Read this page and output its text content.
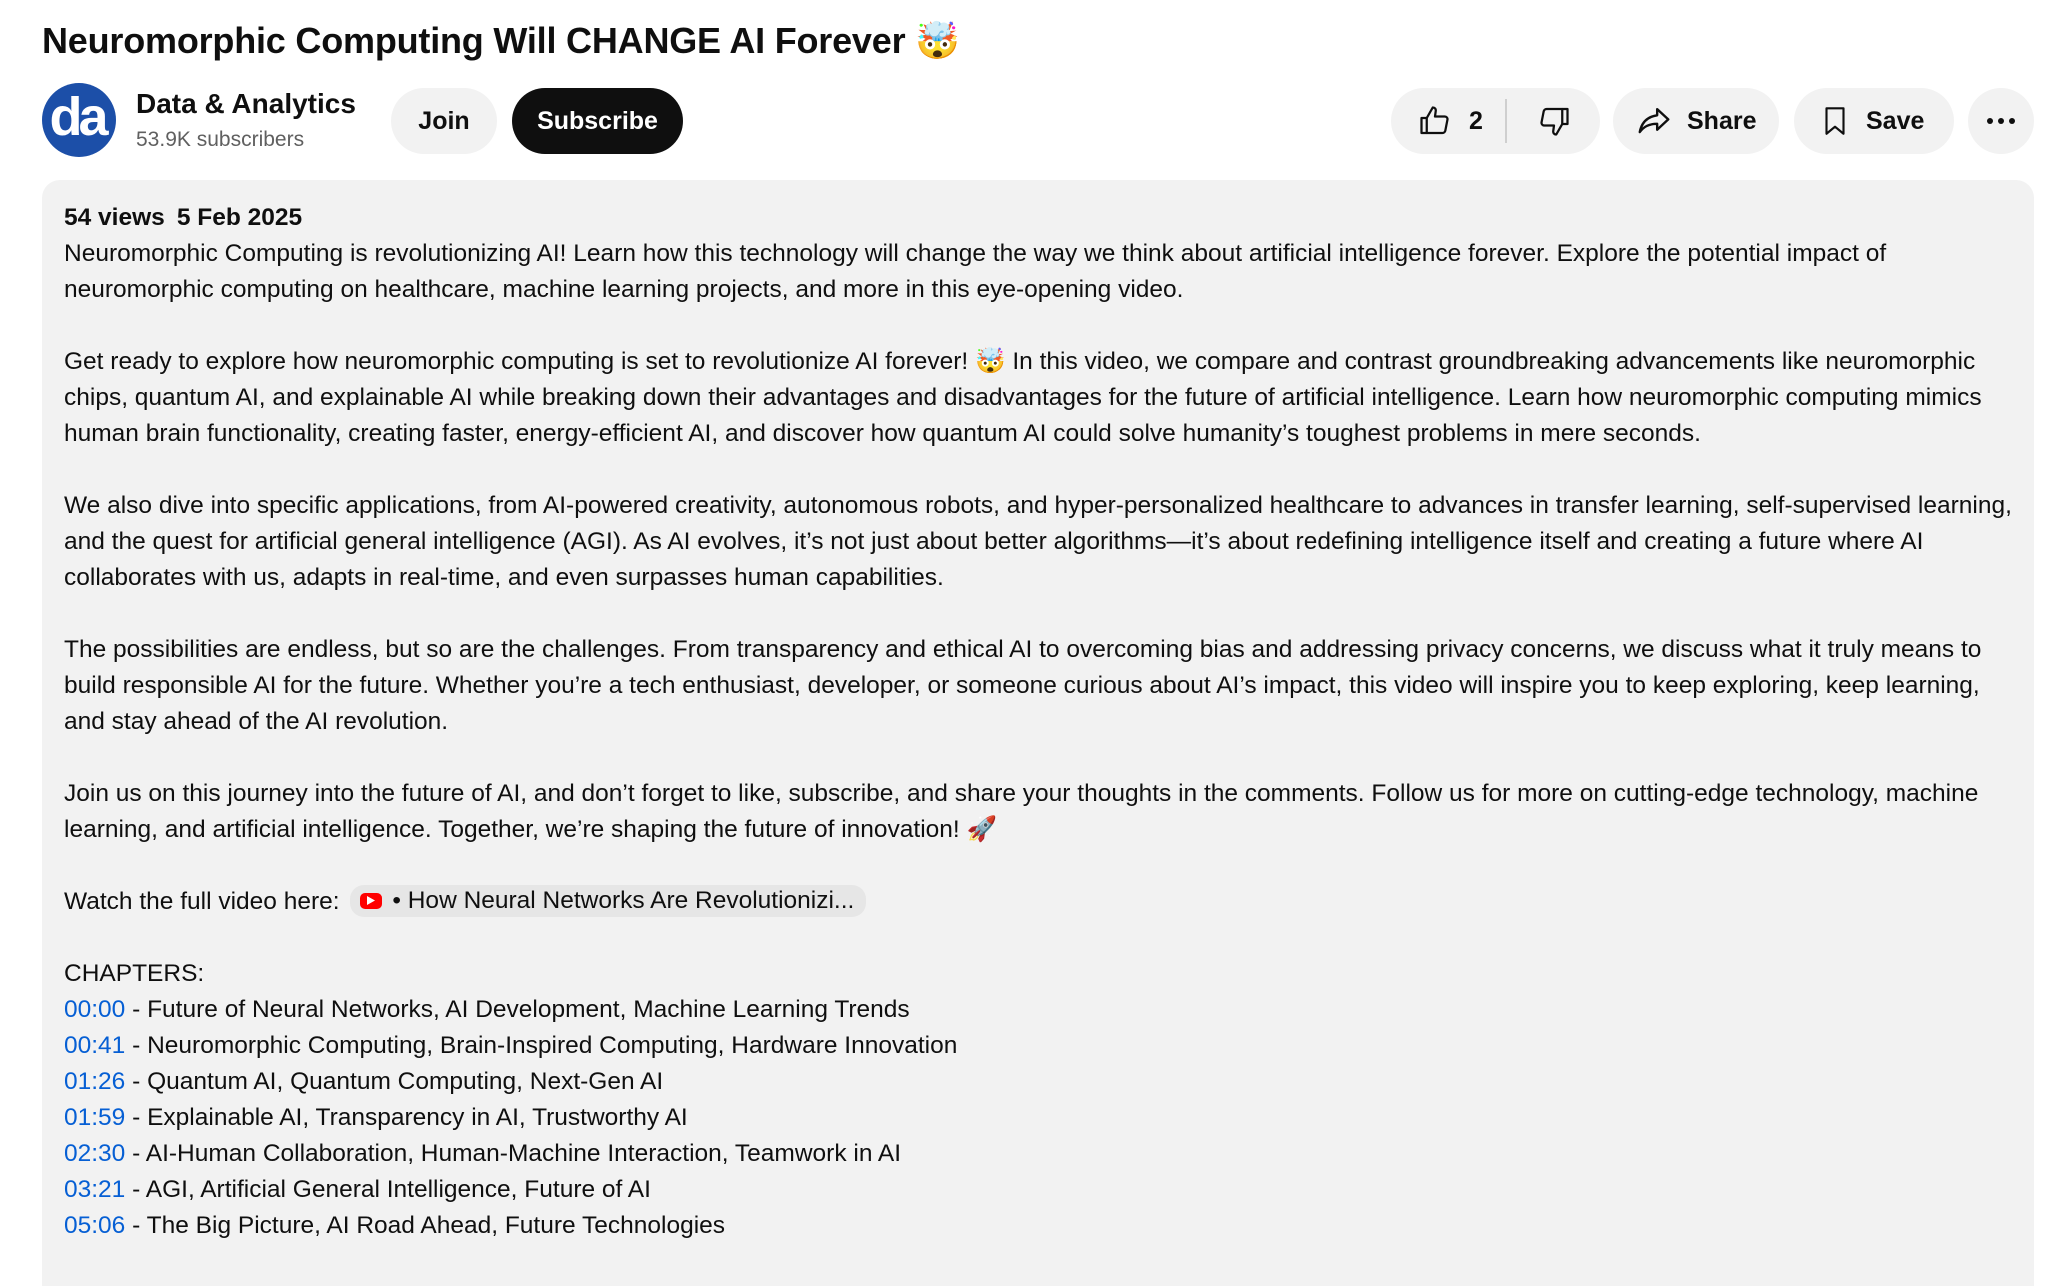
Neuromorphic Computing Will CHANGE AI Forever 🤯
da Data & Analytics
53.9K subscribers
Join	Subscribe	2	Share	Save
54 views 5 Feb 2025

Neuromorphic Computing is revolutionizing AI! Learn how this technology will change the way we think about artificial intelligence forever. Explore the potential impact of neuromorphic computing on healthcare, machine learning projects, and more in this eye-opening video.

Get ready to explore how neuromorphic computing is set to revolutionize AI forever! 🤯 In this video, we compare and contrast groundbreaking advancements like neuromorphic chips, quantum AI, and explainable AI while breaking down their advantages and disadvantages for the future of artificial intelligence. Learn how neuromorphic computing mimics human brain functionality, creating faster, energy-efficient AI, and discover how quantum AI could solve humanity’s toughest problems in mere seconds.

We also dive into specific applications, from AI-powered creativity, autonomous robots, and hyper-personalized healthcare to advances in transfer learning, self-supervised learning, and the quest for artificial general intelligence (AGI). As AI evolves, it’s not just about better algorithms—it’s about redefining intelligence itself and creating a future where AI collaborates with us, adapts in real-time, and even surpasses human capabilities.

The possibilities are endless, but so are the challenges. From transparency and ethical AI to overcoming bias and addressing privacy concerns, we discuss what it truly means to build responsible AI for the future. Whether you’re a tech enthusiast, developer, or someone curious about AI’s impact, this video will inspire you to keep exploring, keep learning, and stay ahead of the AI revolution.

Join us on this journey into the future of AI, and don’t forget to like, subscribe, and share your thoughts in the comments. Follow us for more on cutting-edge technology, machine learning, and artificial intelligence. Together, we’re shaping the future of innovation! 🚀

Watch the full video here: • How Neural Networks Are Revolutionizi...

CHAPTERS:

00:00 - Future of Neural Networks, AI Development, Machine Learning Trends

00:41 - Neuromorphic Computing, Brain-Inspired Computing, Hardware Innovation

01:26 - Quantum AI, Quantum Computing, Next-Gen AI

01:59 - Explainable AI, Transparency in AI, Trustworthy AI

02:30 - AI-Human Collaboration, Human-Machine Interaction, Teamwork in AI

03:21 - AGI, Artificial General Intelligence, Future of AI

05:06 - The Big Picture, AI Road Ahead, Future Technologies
